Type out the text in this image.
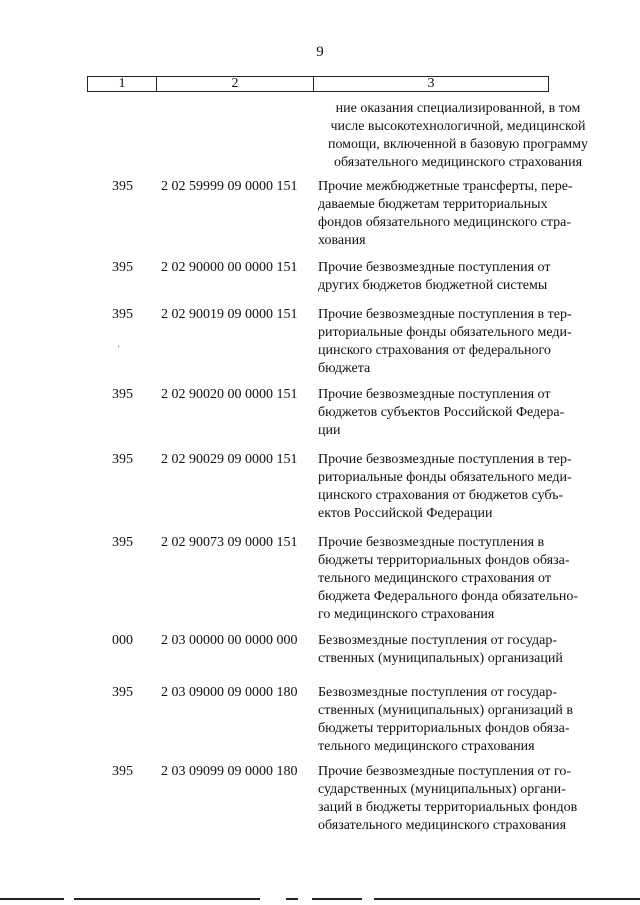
9
1	2	3
ние оказания специализированной, в том
числе высокотехнологичной, медицинской
помощи, включенной в базовую программу
обязательного медицинского страхования
395	2 02 59999 09 0000 151	Прочие межбюджетные трансферты, пере-
даваемые бюджетам территориальных
фондов обязательного медицинского стра-
хования
395	2 02 90000 00 0000 151	Прочие безвозмездные поступления от
других бюджетов бюджетной системы
395	2 02 90019 09 0000 151	Прочие безвозмездные поступления в тер-
риториальные фонды обязательного меди-
цинского страхования от федерального
бюджета
395	2 02 90020 00 0000 151	Прочие безвозмездные поступления от
бюджетов субъектов Российской Федера-
ции
395	2 02 90029 09 0000 151	Прочие безвозмездные поступления в тер-
риториальные фонды обязательного меди-
цинского страхования от бюджетов субъ-
ектов Российской Федерации
395	2 02 90073 09 0000 151	Прочие безвозмездные поступления в
бюджеты территориальных фондов обяза-
тельного медицинского страхования от
бюджета Федерального фонда обязательно-
го медицинского страхования
000	2 03 00000 00 0000 000	Безвозмездные поступления от государ-
ственных (муниципальных) организаций
395	2 03 09000 09 0000 180	Безвозмездные поступления от государ-
ственных (муниципальных) организаций в
бюджеты территориальных фондов обяза-
тельного медицинского страхования
395	2 03 09099 09 0000 180	Прочие безвозмездные поступления от го-
сударственных (муниципальных) органи-
заций в бюджеты территориальных фондов
обязательного медицинского страхования
·
